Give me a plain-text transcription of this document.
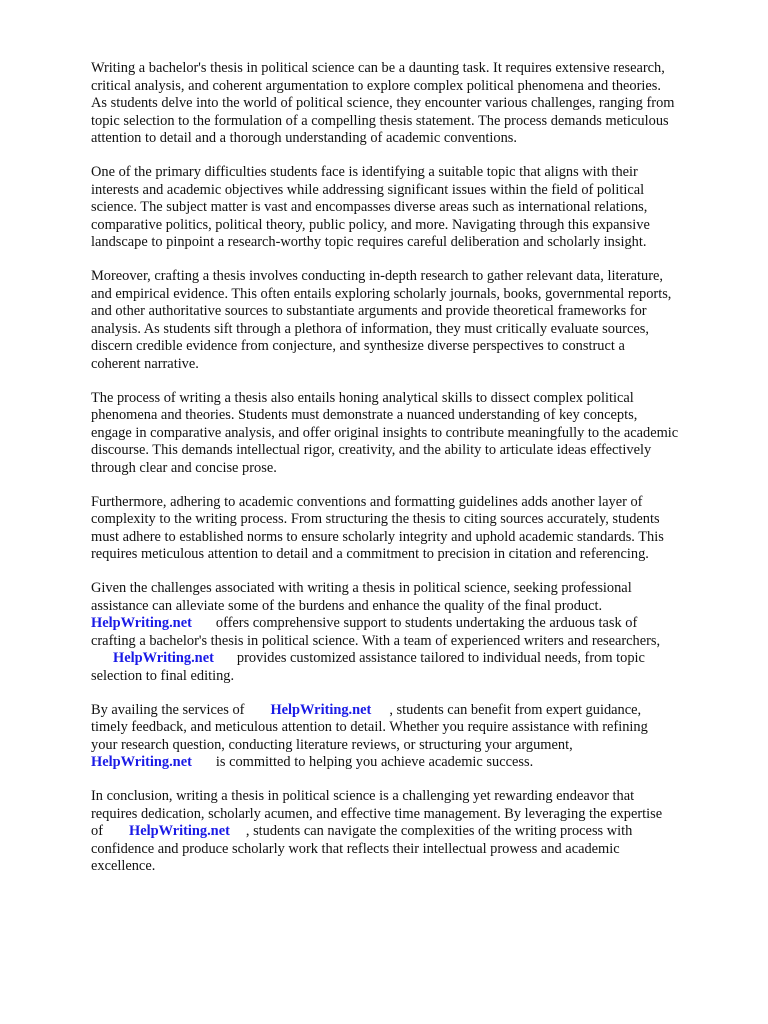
Writing a bachelor's thesis in political science can be a daunting task. It requires extensive research,
critical analysis, and coherent argumentation to explore complex political phenomena and theories.
As students delve into the world of political science, they encounter various challenges, ranging from
topic selection to the formulation of a compelling thesis statement. The process demands meticulous
attention to detail and a thorough understanding of academic conventions.

One of the primary difficulties students face is identifying a suitable topic that aligns with their
interests and academic objectives while addressing significant issues within the field of political
science. The subject matter is vast and encompasses diverse areas such as international relations,
comparative politics, political theory, public policy, and more. Navigating through this expansive
landscape to pinpoint a research-worthy topic requires careful deliberation and scholarly insight.

Moreover, crafting a thesis involves conducting in-depth research to gather relevant data, literature,
and empirical evidence. This often entails exploring scholarly journals, books, governmental reports,
and other authoritative sources to substantiate arguments and provide theoretical frameworks for
analysis. As students sift through a plethora of information, they must critically evaluate sources,
discern credible evidence from conjecture, and synthesize diverse perspectives to construct a
coherent narrative.

The process of writing a thesis also entails honing analytical skills to dissect complex political
phenomena and theories. Students must demonstrate a nuanced understanding of key concepts,
engage in comparative analysis, and offer original insights to contribute meaningfully to the academic
discourse. This demands intellectual rigor, creativity, and the ability to articulate ideas effectively
through clear and concise prose.

Furthermore, adhering to academic conventions and formatting guidelines adds another layer of
complexity to the writing process. From structuring the thesis to citing sources accurately, students
must adhere to established norms to ensure scholarly integrity and uphold academic standards. This
requires meticulous attention to detail and a commitment to precision in citation and referencing.

Given the challenges associated with writing a thesis in political science, seeking professional
assistance can alleviate some of the burdens and enhance the quality of the final product.
HelpWriting.net offers comprehensive support to students undertaking the arduous task of
crafting a bachelor's thesis in political science. With a team of experienced writers and researchers,
HelpWriting.net provides customized assistance tailored to individual needs, from topic
selection to final editing.

By availing the services of HelpWriting.net , students can benefit from expert guidance,
timely feedback, and meticulous attention to detail. Whether you require assistance with refining
your research question, conducting literature reviews, or structuring your argument,
HelpWriting.net is committed to helping you achieve academic success.

In conclusion, writing a thesis in political science is a challenging yet rewarding endeavor that
requires dedication, scholarly acumen, and effective time management. By leveraging the expertise
of HelpWriting.net , students can navigate the complexities of the writing process with
confidence and produce scholarly work that reflects their intellectual prowess and academic
excellence.
